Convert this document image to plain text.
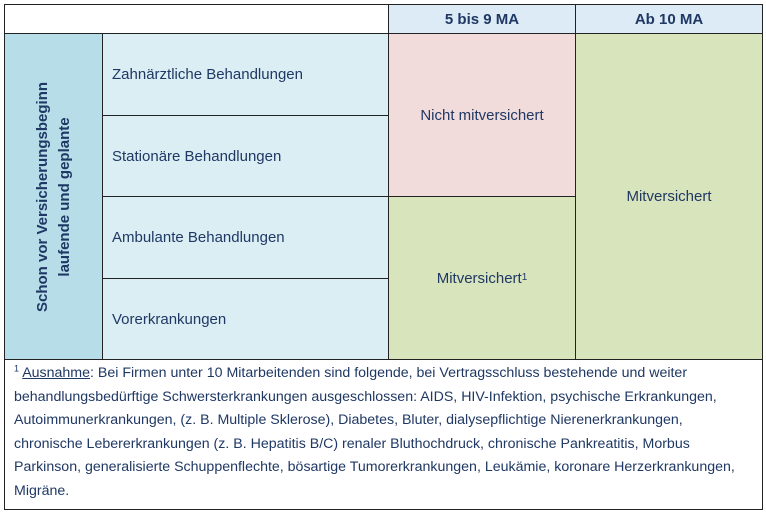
5 bis 9 MA	Ab 10 MA
Schon vor Versicherungsbeginn laufende und geplante
Zahnärztliche Behandlungen
Stationäre Behandlungen
Ambulante Behandlungen
Vorerkrankungen
Nicht mitversichert
Mitversichert 1
Mitversichert
$^1$ Ausnahme: Bei Firmen unter 10 Mitarbeitenden sind folgende, bei Vertragsschluss bestehende und weiter behandlungsbedürftige Schwersterkrankungen ausgeschlossen: AIDS, HIV-Infektion, psychische Erkrankungen, Autoimmunerkrankungen, (z. B. Multiple Sklerose), Diabetes, Bluter, dialysepflichtige Nierenerkrankungen, chronische Lebererkrankungen (z. B. Hepatitis B/C) renaler Bluthochdruck, chronische Pankreatitis, Morbus Parkinson, generalisierte Schuppenflechte, bösartige Tumorerkrankungen, Leukämie, koronare Herzerkrankungen, Migräne.
